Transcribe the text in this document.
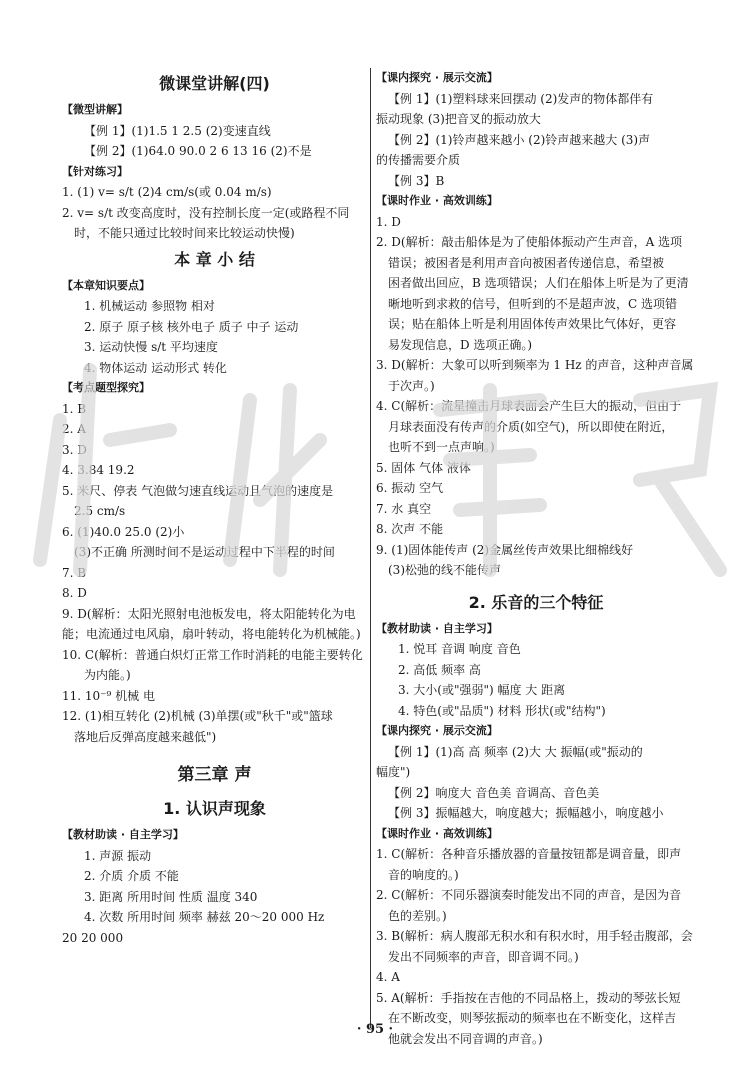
微课堂讲解(四)
【微型讲解】
【例 1】(1)1.5 1 2.5 (2)变速直线
【例 2】(1)64.0 90.0 2 6 13 16 (2)不是
【针对练习】
1. (1) v= s/t (2)4 cm/s(或 0.04 m/s)
2. v= s/t 改变高度时，没有控制长度一定(或路程不同
时，不能只通过比较时间来比较运动快慢)
本 章 小 结
【本章知识要点】
1. 机械运动 参照物 相对
2. 原子 原子核 核外电子 质子 中子 运动
3. 运动快慢 s/t 平均速度
4. 物体运动 运动形式 转化
【考点题型探究】
1. B
2. A
3. D
4. 3.84 19.2
5. 米尺、停表 气泡做匀速直线运动且气泡的速度是
2.5 cm/s
6. (1)40.0 25.0 (2)小
(3)不正确 所测时间不是运动过程中下半程的时间
7. B
8. D
9. D(解析：太阳光照射电池板发电，将太阳能转化为电
能；电流通过电风扇，扇叶转动，将电能转化为机械能。)
10. C(解析：普通白炽灯正常工作时消耗的电能主要转化
为内能。)
11. 10⁻⁹ 机械 电
12. (1)相互转化 (2)机械 (3)单摆(或"秋千"或"篮球
落地后反弹高度越来越低")
第三章 声
1. 认识声现象
【教材助读 · 自主学习】
1. 声源 振动
2. 介质 介质 不能
3. 距离 所用时间 性质 温度 340
4. 次数 所用时间 频率 赫兹 20～20 000 Hz
20 20 000
【课内探究 · 展示交流】
【例 1】(1)塑料球来回摆动 (2)发声的物体都伴有
振动现象 (3)把音叉的振动放大
【例 2】(1)铃声越来越小 (2)铃声越来越大 (3)声
的传播需要介质
【例 3】B
【课时作业 · 高效训练】
1. D
2. D(解析：敲击船体是为了使船体振动产生声音，A 选项
错误；被困者是利用声音向被困者传递信息，希望被
困者做出回应，B 选项错误；人们在船体上听是为了更清
晰地听到求救的信号，但听到的不是超声波，C 选项错
误；贴在船体上听是利用固体传声效果比气体好，更容
易发现信息，D 选项正确。)
3. D(解析：大象可以听到频率为 1 Hz 的声音，这种声音属
于次声。)
4. C(解析：流星撞击月球表面会产生巨大的振动，但由于
月球表面没有传声的介质(如空气)，所以即使在附近，
也听不到一点声响。)
5. 固体 气体 液体
6. 振动 空气
7. 水 真空
8. 次声 不能
9. (1)固体能传声 (2)金属丝传声效果比细棉线好
(3)松弛的线不能传声
2. 乐音的三个特征
【教材助读 · 自主学习】
1. 悦耳 音调 响度 音色
2. 高低 频率 高
3. 大小(或"强弱") 幅度 大 距离
4. 特色(或"品质") 材料 形状(或"结构")
【课内探究 · 展示交流】
【例 1】(1)高 高 频率 (2)大 大 振幅(或"振动的
幅度")
【例 2】响度大 音色美 音调高、音色美
【例 3】振幅越大，响度越大；振幅越小，响度越小
【课时作业 · 高效训练】
1. C(解析：各种音乐播放器的音量按钮都是调音量，即声
音的响度的。)
2. C(解析：不同乐器演奏时能发出不同的声音，是因为音
色的差别。)
3. B(解析：病人腹部无积水和有积水时，用手轻击腹部，会
发出不同频率的声音，即音调不同。)
4. A
5. A(解析：手指按在吉他的不同品格上，拨动的琴弦长短
在不断改变，则琴弦振动的频率也在不断变化，这样吉
他就会发出不同音调的声音。)
· 95 ·
